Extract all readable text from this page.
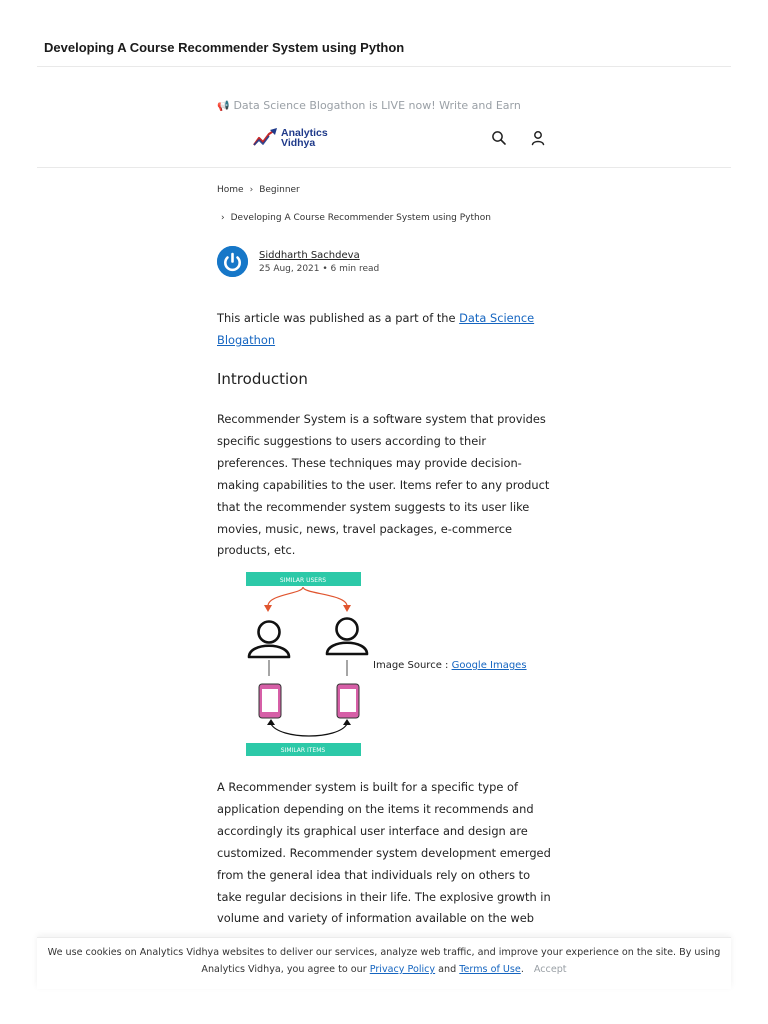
Developing A Course Recommender System using Python
📢 Data Science Blogathon is LIVE now! Write and Earn
Analytics
Vidhya
Home › Beginner
› Developing A Course Recommender System using Python
Siddharth Sachdeva
25 Aug, 2021 • 6 min read
This article was published as a part of the Data Science Blogathon
Introduction
Recommender System is a software system that provides specific suggestions to users according to their preferences. These techniques may provide decision-making capabilities to the user. Items refer to any product that the recommender system suggests to its user like movies, music, news, travel packages, e-commerce products, etc.
SIMILAR USERS
SIMILAR ITEMS
Image Source : Google Images
A Recommender system is built for a specific type of application depending on the items it recommends and accordingly its graphical user interface and design are customized. Recommender system development emerged from the general idea that individuals rely on others to take regular decisions in their life. The explosive growth in volume and variety of information available on the web
We use cookies on Analytics Vidhya websites to deliver our services, analyze web traffic, and improve your experience on the site. By using Analytics Vidhya, you agree to our Privacy Policy and Terms of Use. Accept
